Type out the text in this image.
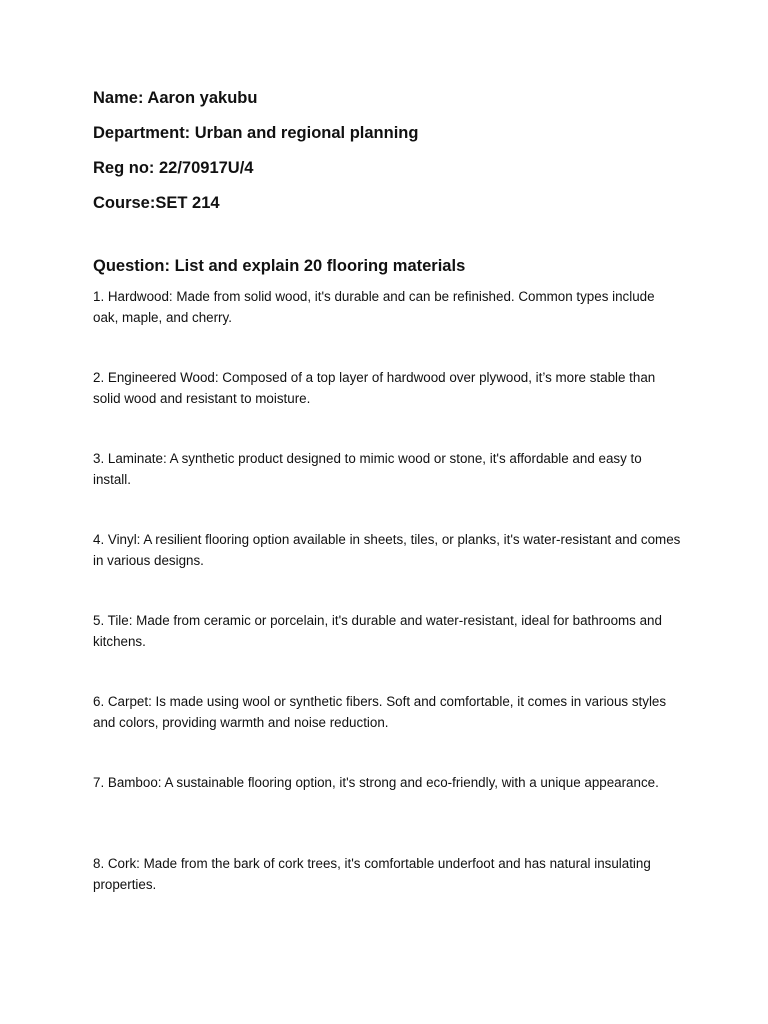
Name: Aaron yakubu
Department: Urban and regional planning
Reg no: 22/70917U/4
Course:SET 214
Question: List and explain 20 flooring materials
1. Hardwood: Made from solid wood, it's durable and can be refinished. Common types include oak, maple, and cherry.
2. Engineered Wood: Composed of a top layer of hardwood over plywood, it’s more stable than solid wood and resistant to moisture.
3. Laminate: A synthetic product designed to mimic wood or stone, it's affordable and easy to install.
4. Vinyl: A resilient flooring option available in sheets, tiles, or planks, it's water-resistant and comes in various designs.
5. Tile: Made from ceramic or porcelain, it's durable and water-resistant, ideal for bathrooms and kitchens.
6. Carpet: Is made using wool or synthetic fibers. Soft and comfortable, it comes in various styles and colors, providing warmth and noise reduction.
7. Bamboo: A sustainable flooring option, it's strong and eco-friendly, with a unique appearance.
8. Cork: Made from the bark of cork trees, it's comfortable underfoot and has natural insulating properties.
